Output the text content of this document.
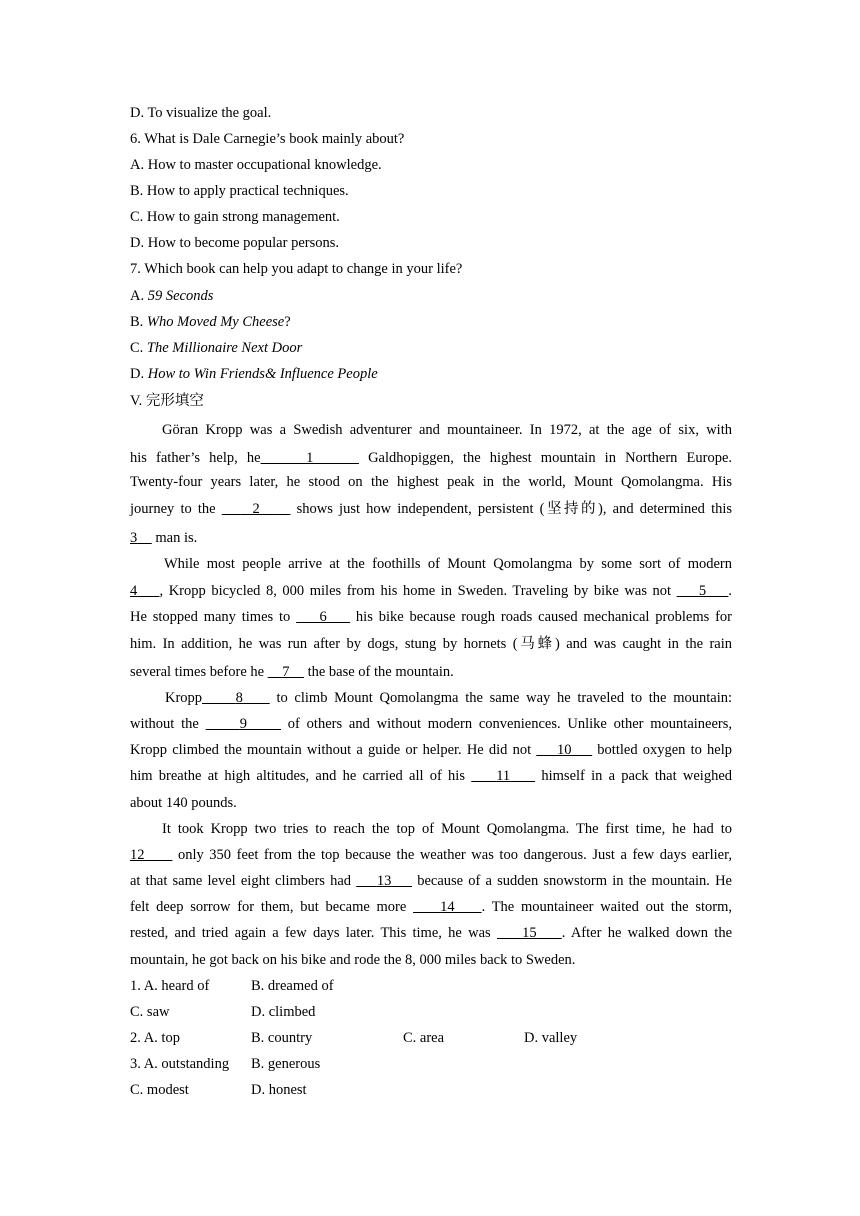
D. To visualize the goal.
6. What is Dale Carnegie’s book mainly about?
A. How to master occupational knowledge.
B. How to apply practical techniques.
C. How to gain strong management.
D. How to become popular persons.
7. Which book can help you adapt to change in your life?
A. 59 Seconds
B. Who Moved My Cheese?
C. The Millionaire Next Door
D. How to Win Friends& Influence People
V. 完形填空
Göran Kropp was a Swedish adventurer and mountaineer. In 1972, at the age of six, with
his father’s help, he     1      Galdhopiggen, the highest mountain in Northern Europe.
Twenty-four years later, he stood on the highest peak in the world, Mount Qomolangma. His
journey to the      2      shows just how independent, persistent (坚持的), and determined this
3 man is.
While most people arrive at the foothills of Mount Qomolangma by some sort of modern
4 , Kropp bicycled 8, 000 miles from his home in Sweden. Traveling by bike was not     5 .
He stopped many times to     6     his bike because rough roads caused mechanical problems for
him. In addition, he was run after by dogs, stung by hornets (马蜂) and was caught in the rain
several times before he     7     the base of the mountain.
Kropp 8     to climb Mount Qomolangma the same way he traveled to the mountain:
without the      9      of others and without modern conveniences. Unlike other mountaineers,
Kropp climbed the mountain without a guide or helper. He did not 10     bottled oxygen to help
him breathe at high altitudes, and he carried all of his     11     himself in a pack that weighed
about 140 pounds.
It took Kropp two tries to reach the top of Mount Qomolangma. The first time, he had to
12      only 350 feet from the top because the weather was too dangerous. Just a few days earlier,
at that same level eight climbers had     13     because of a sudden snowstorm in the mountain. He
felt deep sorrow for them, but became more     14 . The mountaineer waited out the storm,
rested, and tried again a few days later. This time, he was     15 . After he walked down the
mountain, he got back on his bike and rode the 8, 000 miles back to Sweden.
1. A. heard of	B. dreamed of
C. saw	D. climbed
2. A. top	B. country	C. area	D. valley
3. A. outstanding B. generous
C. modest	D. honest
